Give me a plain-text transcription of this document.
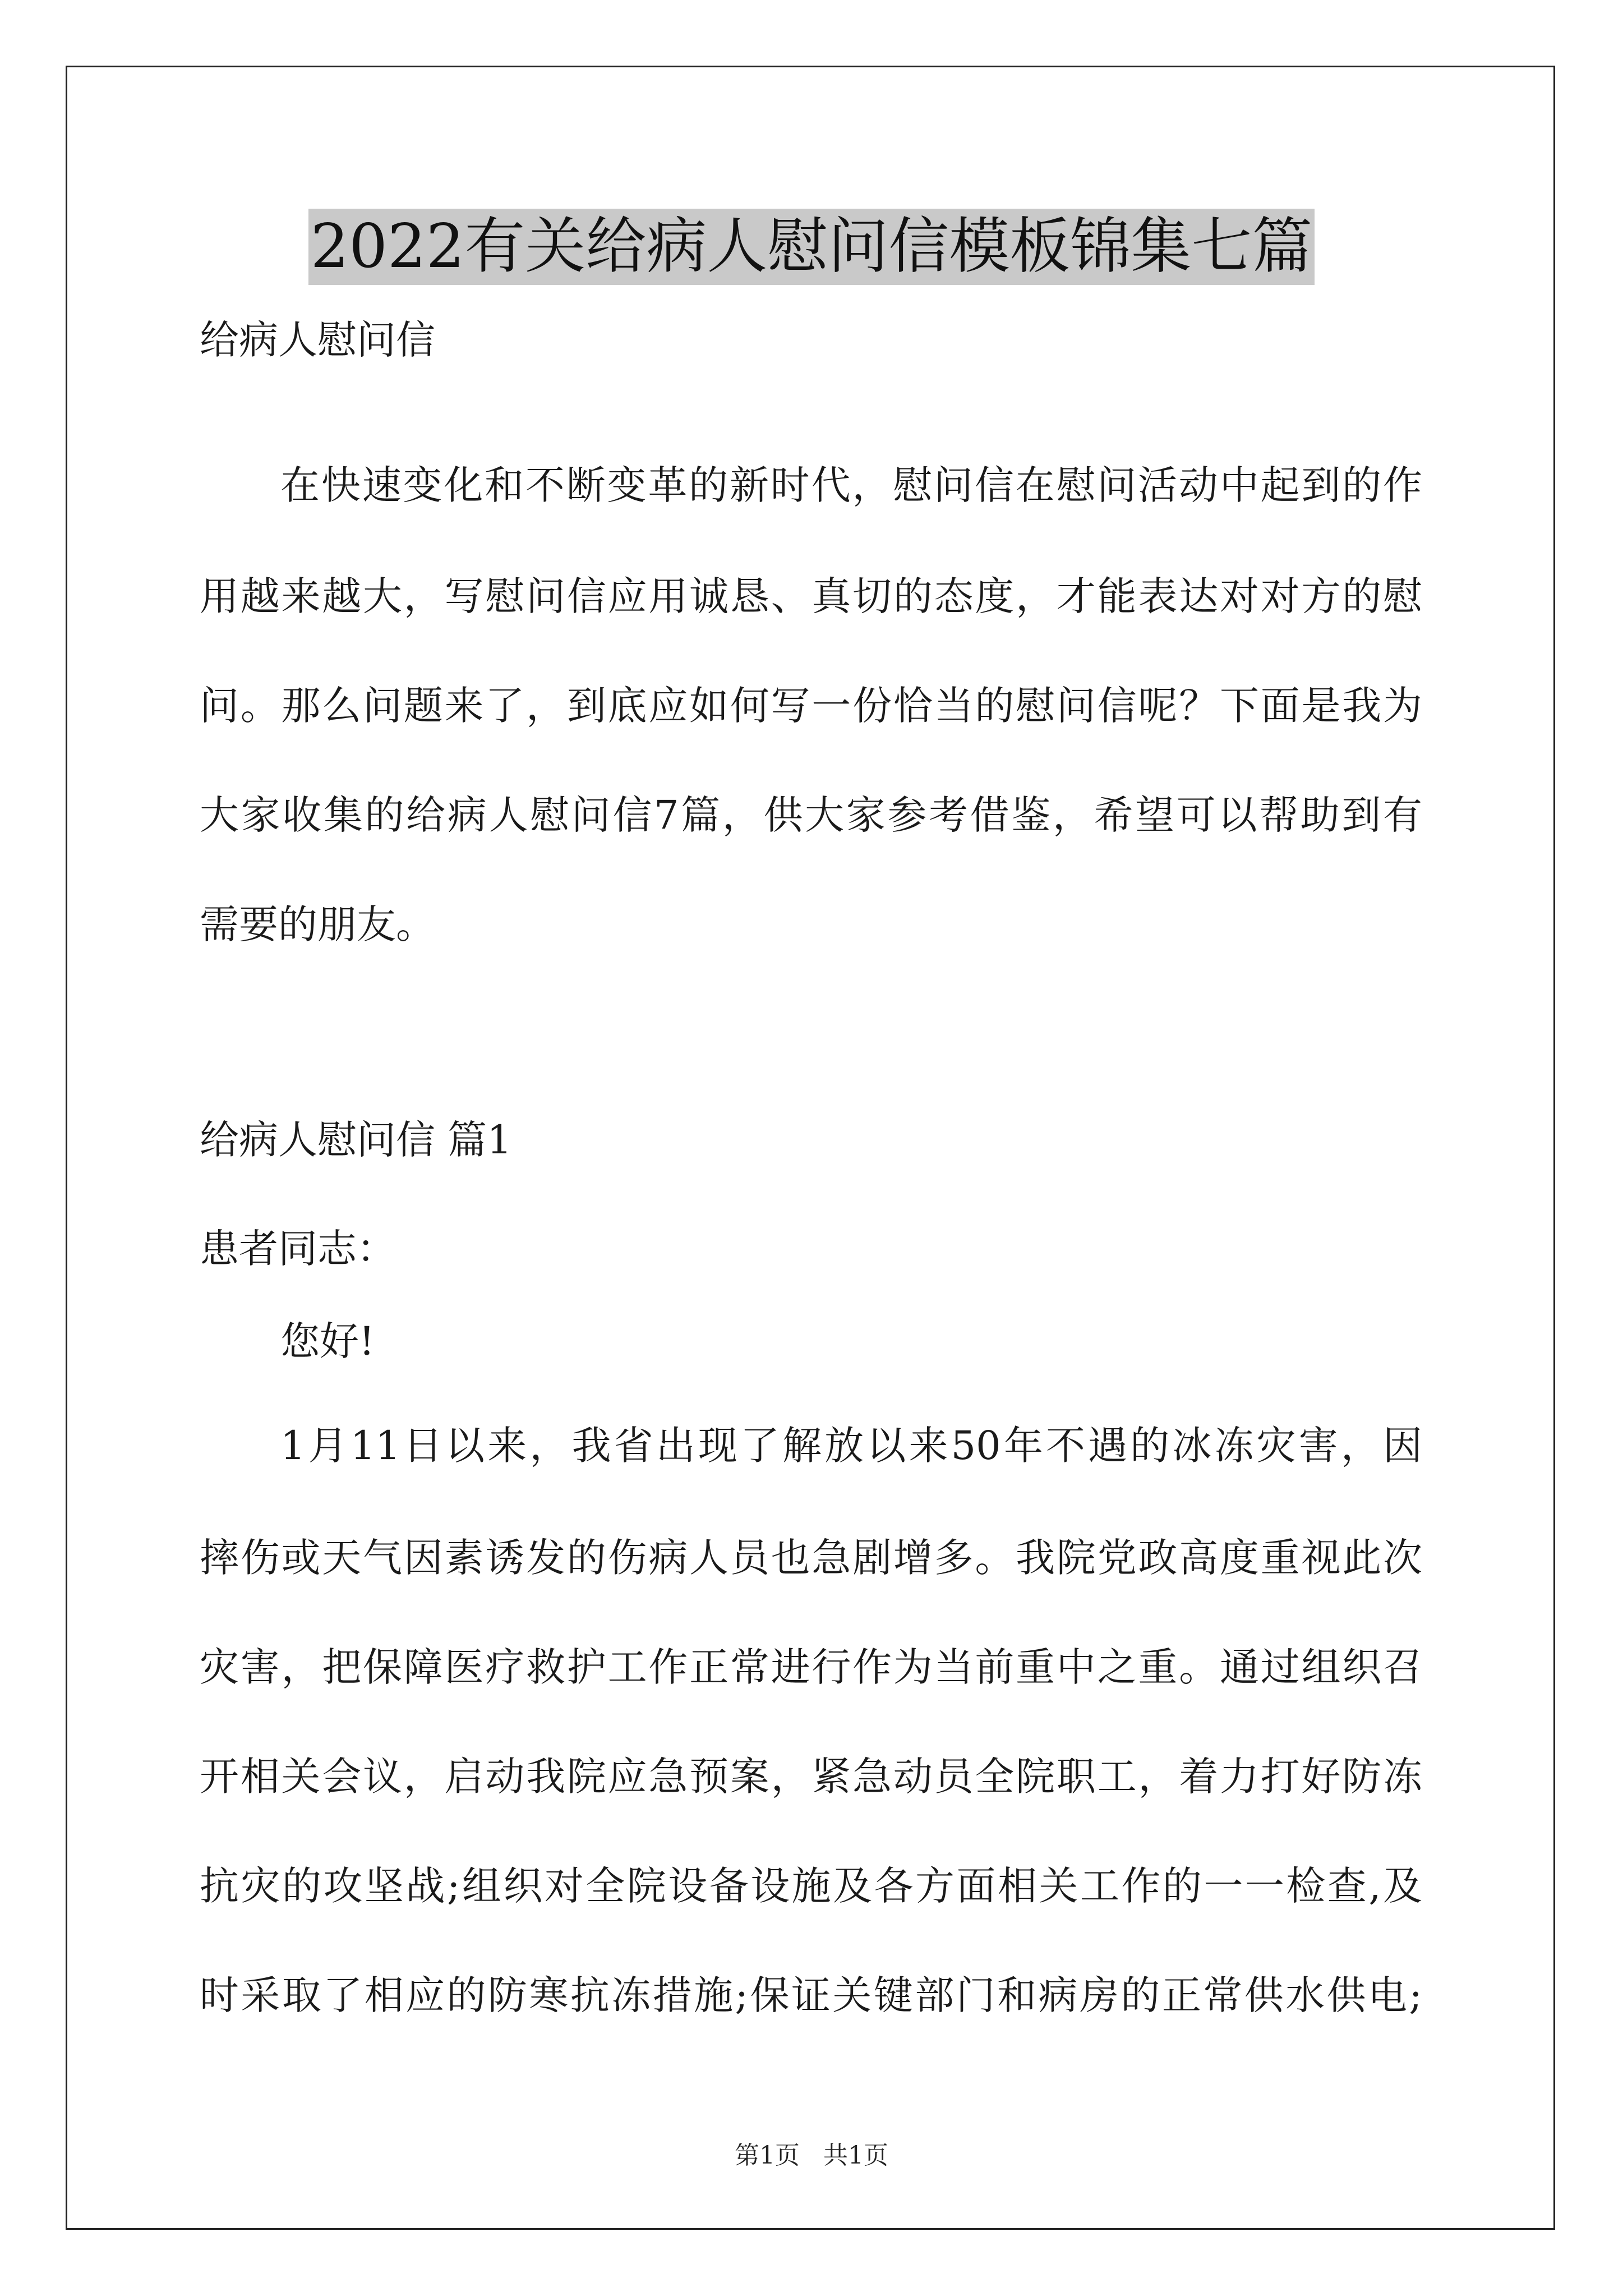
2022有关给病人慰问信模板锦集七篇
给病人慰问信
在快速变化和不断变革的新时代，慰问信在慰问活动中起到的作
用越来越大，写慰问信应用诚恳、真切的态度，才能表达对对方的慰
问。那么问题来了，到底应如何写一份恰当的慰问信呢？下面是我为
大家收集的给病人慰问信7篇，供大家参考借鉴，希望可以帮助到有
需要的朋友。
给病人慰问信 篇1
患者同志：
您好!
1月11日以来，我省出现了解放以来50年不遇的冰冻灾害，因
摔伤或天气因素诱发的伤病人员也急剧增多。我院党政高度重视此次
灾害，把保障医疗救护工作正常进行作为当前重中之重。通过组织召
开相关会议，启动我院应急预案，紧急动员全院职工，着力打好防冻
抗灾的攻坚战;组织对全院设备设施及各方面相关工作的一一检查,及
时采取了相应的防寒抗冻措施;保证关键部门和病房的正常供水供电;
第1页   共1页
